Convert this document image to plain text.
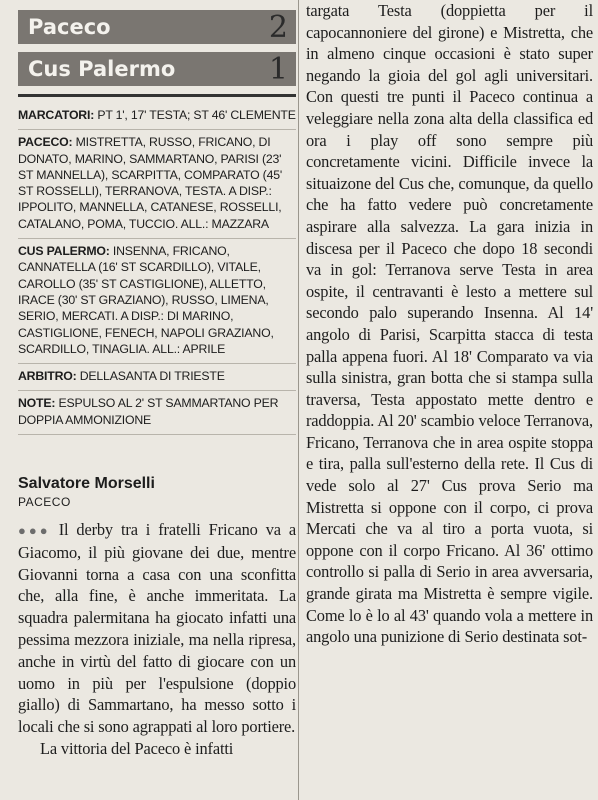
Paceco	2
Cus Palermo	1
MARCATORI: PT 1', 17' TESTA; ST 46' CLEMENTE
PACECO: MISTRETTA, RUSSO, FRICANO, DI DONATO, MARINO, SAMMARTANO, PARISI (23' ST MANNELLA), SCARPITTA, COMPARATO (45' ST ROSSELLI), TERRANOVA, TESTA. A DISP.: IPPOLITO, MANNELLA, CATANESE, ROSSELLI, CATALANO, POMA, TUCCIO. ALL.: MAZZARA
CUS PALERMO: INSENNA, FRICANO, CANNATELLA (16' ST SCARDILLO), VITALE, CAROLLO (35' ST CASTIGLIONE), ALLETTO, IRACE (30' ST GRAZIANO), RUSSO, LIMENA, SERIO, MERCATI. A DISP.: DI MARINO, CASTIGLIONE, FENECH, NAPOLI GRAZIANO, SCARDILLO, TINAGLIA. ALL.: APRILE
ARBITRO: DELLASANTA DI TRIESTE
NOTE: ESPULSO AL 2' ST SAMMARTANO PER DOPPIA AMMONIZIONE
Salvatore Morselli
PACECO

●●● Il derby tra i fratelli Fricano va a Giacomo, il più giovane dei due, mentre Giovanni torna a casa con una sconfitta che, alla fine, è anche immeritata. La squadra palermitana ha giocato infatti una pessima mezzora iniziale, ma nella ripresa, anche in virtù del fatto di giocare con un uomo in più per l'espulsione (doppio giallo) di Sammartano, ha messo sotto i locali che si sono agrappati al loro portiere.

La vittoria del Paceco è infatti

targata Testa (doppietta per il capocannoniere del girone) e Mistretta, che in almeno cinque occasioni è stato super negando la gioia del gol agli universitari. Con questi tre punti il Paceco continua a veleggiare nella zona alta della classifica ed ora i play off sono sempre più concretamente vicini. Difficile invece la situaizone del Cus che, comunque, da quello che ha fatto vedere può concretamente aspirare alla salvezza. La gara inizia in discesa per il Paceco che dopo 18 secondi va in gol: Terranova serve Testa in area ospite, il centravanti è lesto a mettere sul secondo palo superando Insenna. Al 14' angolo di Parisi, Scarpitta stacca di testa palla appena fuori. Al 18' Comparato va via sulla sinistra, gran botta che si stampa sulla traversa, Testa appostato mette dentro e raddoppia. Al 20' scambio veloce Terranova, Fricano, Terranova che in area ospite stoppa e tira, palla sull'esterno della rete. Il Cus di vede solo al 27' Cus prova Serio ma Mistretta si oppone con il corpo, ci prova Mercati che va al tiro a porta vuota, si oppone con il corpo Fricano. Al 36' ottimo controllo si palla di Serio in area avversaria, grande girata ma Mistretta è sempre vigile. Come lo è lo al 43' quando vola a mettere in angolo una punizione di Serio destinata sot-
